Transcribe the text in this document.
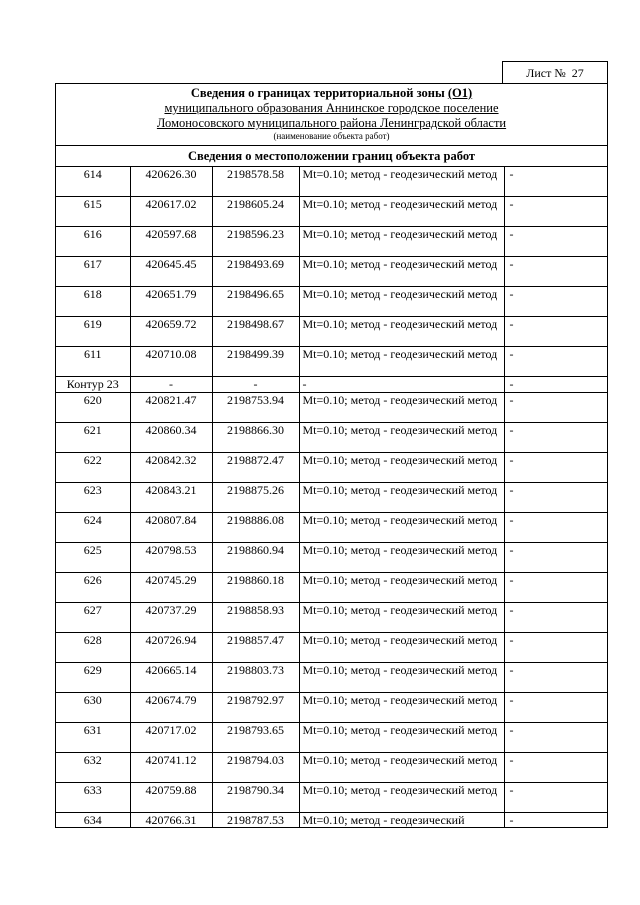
Лист № 27
Сведения о границах территориальной зоны (О1)
муниципального образования Аннинское городское поселение
Ломоносовского муниципального района Ленинградской области
(наименование объекта работ)
Сведения о местоположении границ объекта работ
614	420626.30	2198578.58	Mt=0.10; метод - геодезический метод	-
615	420617.02	2198605.24	Mt=0.10; метод - геодезический метод	-
616	420597.68	2198596.23	Mt=0.10; метод - геодезический метод	-
617	420645.45	2198493.69	Mt=0.10; метод - геодезический метод	-
618	420651.79	2198496.65	Mt=0.10; метод - геодезический метод	-
619	420659.72	2198498.67	Mt=0.10; метод - геодезический метод	-
611	420710.08	2198499.39	Mt=0.10; метод - геодезический метод	-
Контур 23	-	-	-	-
620	420821.47	2198753.94	Mt=0.10; метод - геодезический метод	-
621	420860.34	2198866.30	Mt=0.10; метод - геодезический метод	-
622	420842.32	2198872.47	Mt=0.10; метод - геодезический метод	-
623	420843.21	2198875.26	Mt=0.10; метод - геодезический метод	-
624	420807.84	2198886.08	Mt=0.10; метод - геодезический метод	-
625	420798.53	2198860.94	Mt=0.10; метод - геодезический метод	-
626	420745.29	2198860.18	Mt=0.10; метод - геодезический метод	-
627	420737.29	2198858.93	Mt=0.10; метод - геодезический метод	-
628	420726.94	2198857.47	Mt=0.10; метод - геодезический метод	-
629	420665.14	2198803.73	Mt=0.10; метод - геодезический метод	-
630	420674.79	2198792.97	Mt=0.10; метод - геодезический метод	-
631	420717.02	2198793.65	Mt=0.10; метод - геодезический метод	-
632	420741.12	2198794.03	Mt=0.10; метод - геодезический метод	-
633	420759.88	2198790.34	Mt=0.10; метод - геодезический метод	-
634	420766.31	2198787.53	Mt=0.10; метод - геодезический	-
